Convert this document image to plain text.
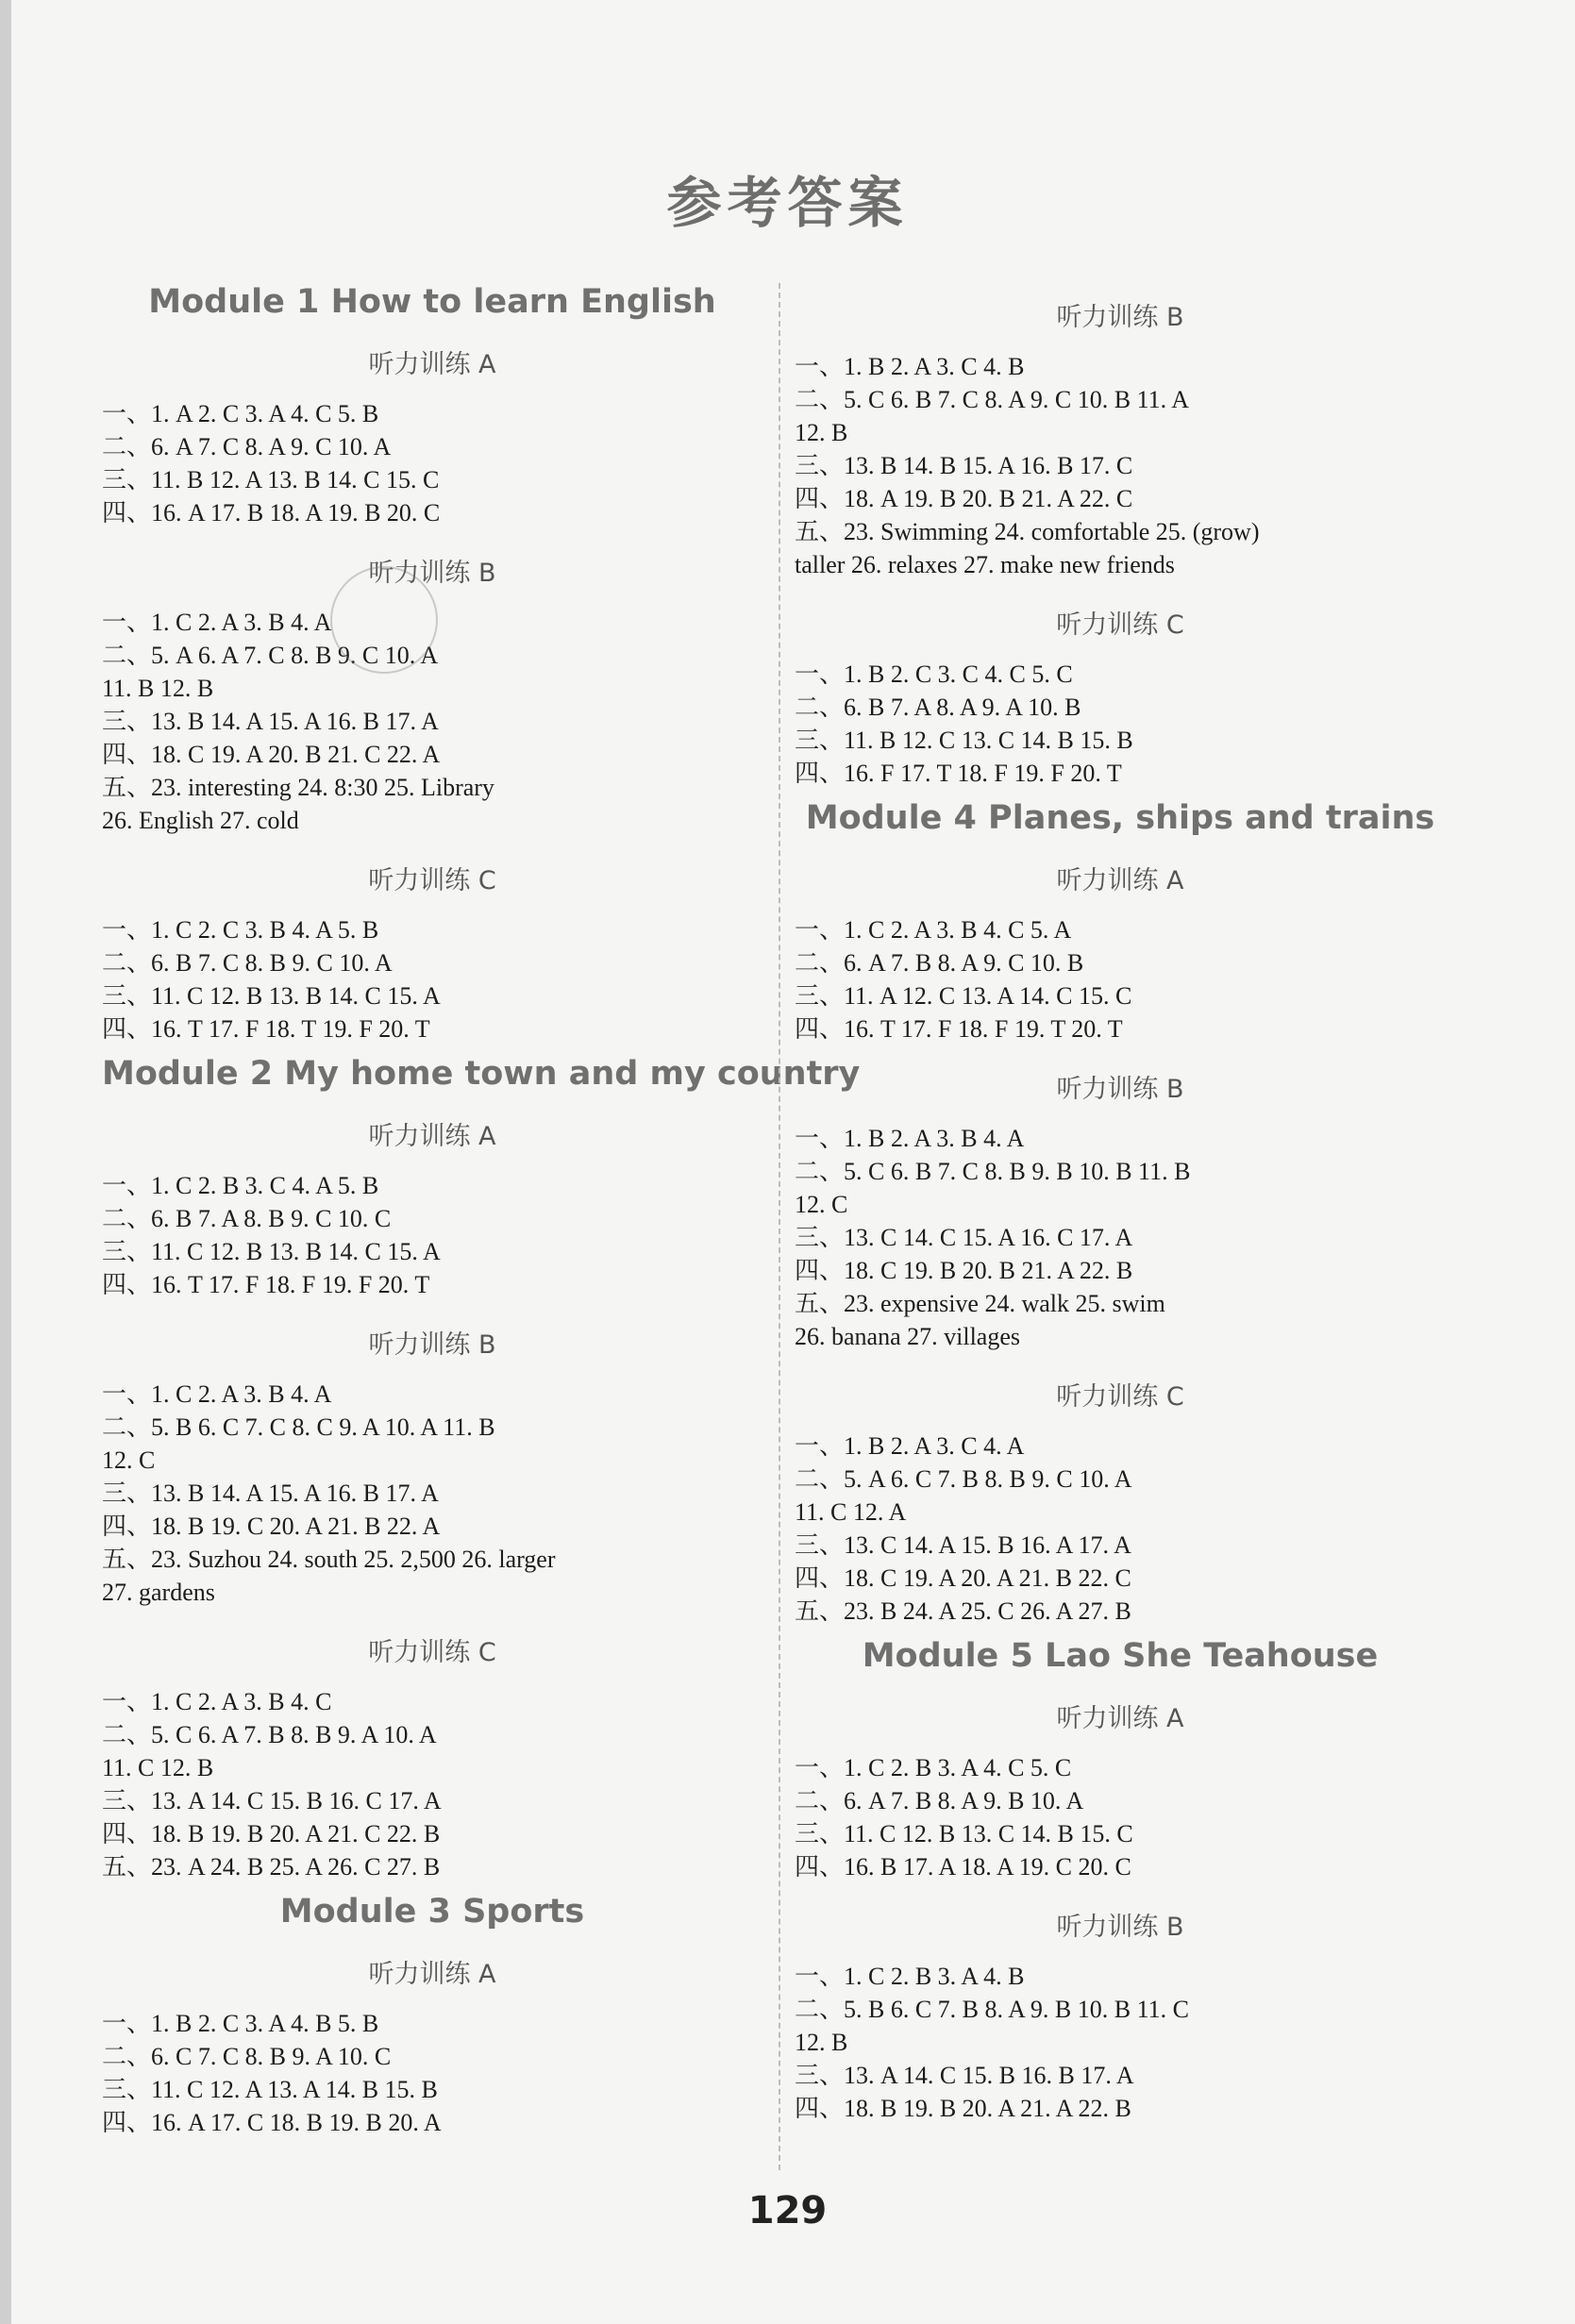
参考答案
Module 1 How to learn English
听力训练 A
一、1. A 2. C 3. A 4. C 5. B
二、6. A 7. C 8. A 9. C 10. A
三、11. B 12. A 13. B 14. C 15. C
四、16. A 17. B 18. A 19. B 20. C
听力训练 B
一、1. C 2. A 3. B 4. A
二、5. A 6. A 7. C 8. B 9. C 10. A
11. B 12. B
三、13. B 14. A 15. A 16. B 17. A
四、18. C 19. A 20. B 21. C 22. A
五、23. interesting 24. 8:30 25. Library
26. English 27. cold
听力训练 C
一、1. C 2. C 3. B 4. A 5. B
二、6. B 7. C 8. B 9. C 10. A
三、11. C 12. B 13. B 14. C 15. A
四、16. T 17. F 18. T 19. F 20. T
Module 2 My home town and my country
听力训练 A
一、1. C 2. B 3. C 4. A 5. B
二、6. B 7. A 8. B 9. C 10. C
三、11. C 12. B 13. B 14. C 15. A
四、16. T 17. F 18. F 19. F 20. T
听力训练 B
一、1. C 2. A 3. B 4. A
二、5. B 6. C 7. C 8. C 9. A 10. A 11. B
12. C
三、13. B 14. A 15. A 16. B 17. A
四、18. B 19. C 20. A 21. B 22. A
五、23. Suzhou 24. south 25. 2,500 26. larger
27. gardens
听力训练 C
一、1. C 2. A 3. B 4. C
二、5. C 6. A 7. B 8. B 9. A 10. A
11. C 12. B
三、13. A 14. C 15. B 16. C 17. A
四、18. B 19. B 20. A 21. C 22. B
五、23. A 24. B 25. A 26. C 27. B
Module 3 Sports
听力训练 A
一、1. B 2. C 3. A 4. B 5. B
二、6. C 7. C 8. B 9. A 10. C
三、11. C 12. A 13. A 14. B 15. B
四、16. A 17. C 18. B 19. B 20. A
听力训练 B
一、1. B 2. A 3. C 4. B
二、5. C 6. B 7. C 8. A 9. C 10. B 11. A
12. B
三、13. B 14. B 15. A 16. B 17. C
四、18. A 19. B 20. B 21. A 22. C
五、23. Swimming 24. comfortable 25. (grow)
taller 26. relaxes 27. make new friends
听力训练 C
一、1. B 2. C 3. C 4. C 5. C
二、6. B 7. A 8. A 9. A 10. B
三、11. B 12. C 13. C 14. B 15. B
四、16. F 17. T 18. F 19. F 20. T
Module 4 Planes, ships and trains
听力训练 A
一、1. C 2. A 3. B 4. C 5. A
二、6. A 7. B 8. A 9. C 10. B
三、11. A 12. C 13. A 14. C 15. C
四、16. T 17. F 18. F 19. T 20. T
听力训练 B
一、1. B 2. A 3. B 4. A
二、5. C 6. B 7. C 8. B 9. B 10. B 11. B
12. C
三、13. C 14. C 15. A 16. C 17. A
四、18. C 19. B 20. B 21. A 22. B
五、23. expensive 24. walk 25. swim
26. banana 27. villages
听力训练 C
一、1. B 2. A 3. C 4. A
二、5. A 6. C 7. B 8. B 9. C 10. A
11. C 12. A
三、13. C 14. A 15. B 16. A 17. A
四、18. C 19. A 20. A 21. B 22. C
五、23. B 24. A 25. C 26. A 27. B
Module 5 Lao She Teahouse
听力训练 A
一、1. C 2. B 3. A 4. C 5. C
二、6. A 7. B 8. A 9. B 10. A
三、11. C 12. B 13. C 14. B 15. C
四、16. B 17. A 18. A 19. C 20. C
听力训练 B
一、1. C 2. B 3. A 4. B
二、5. B 6. C 7. B 8. A 9. B 10. B 11. C
12. B
三、13. A 14. C 15. B 16. B 17. A
四、18. B 19. B 20. A 21. A 22. B
129
